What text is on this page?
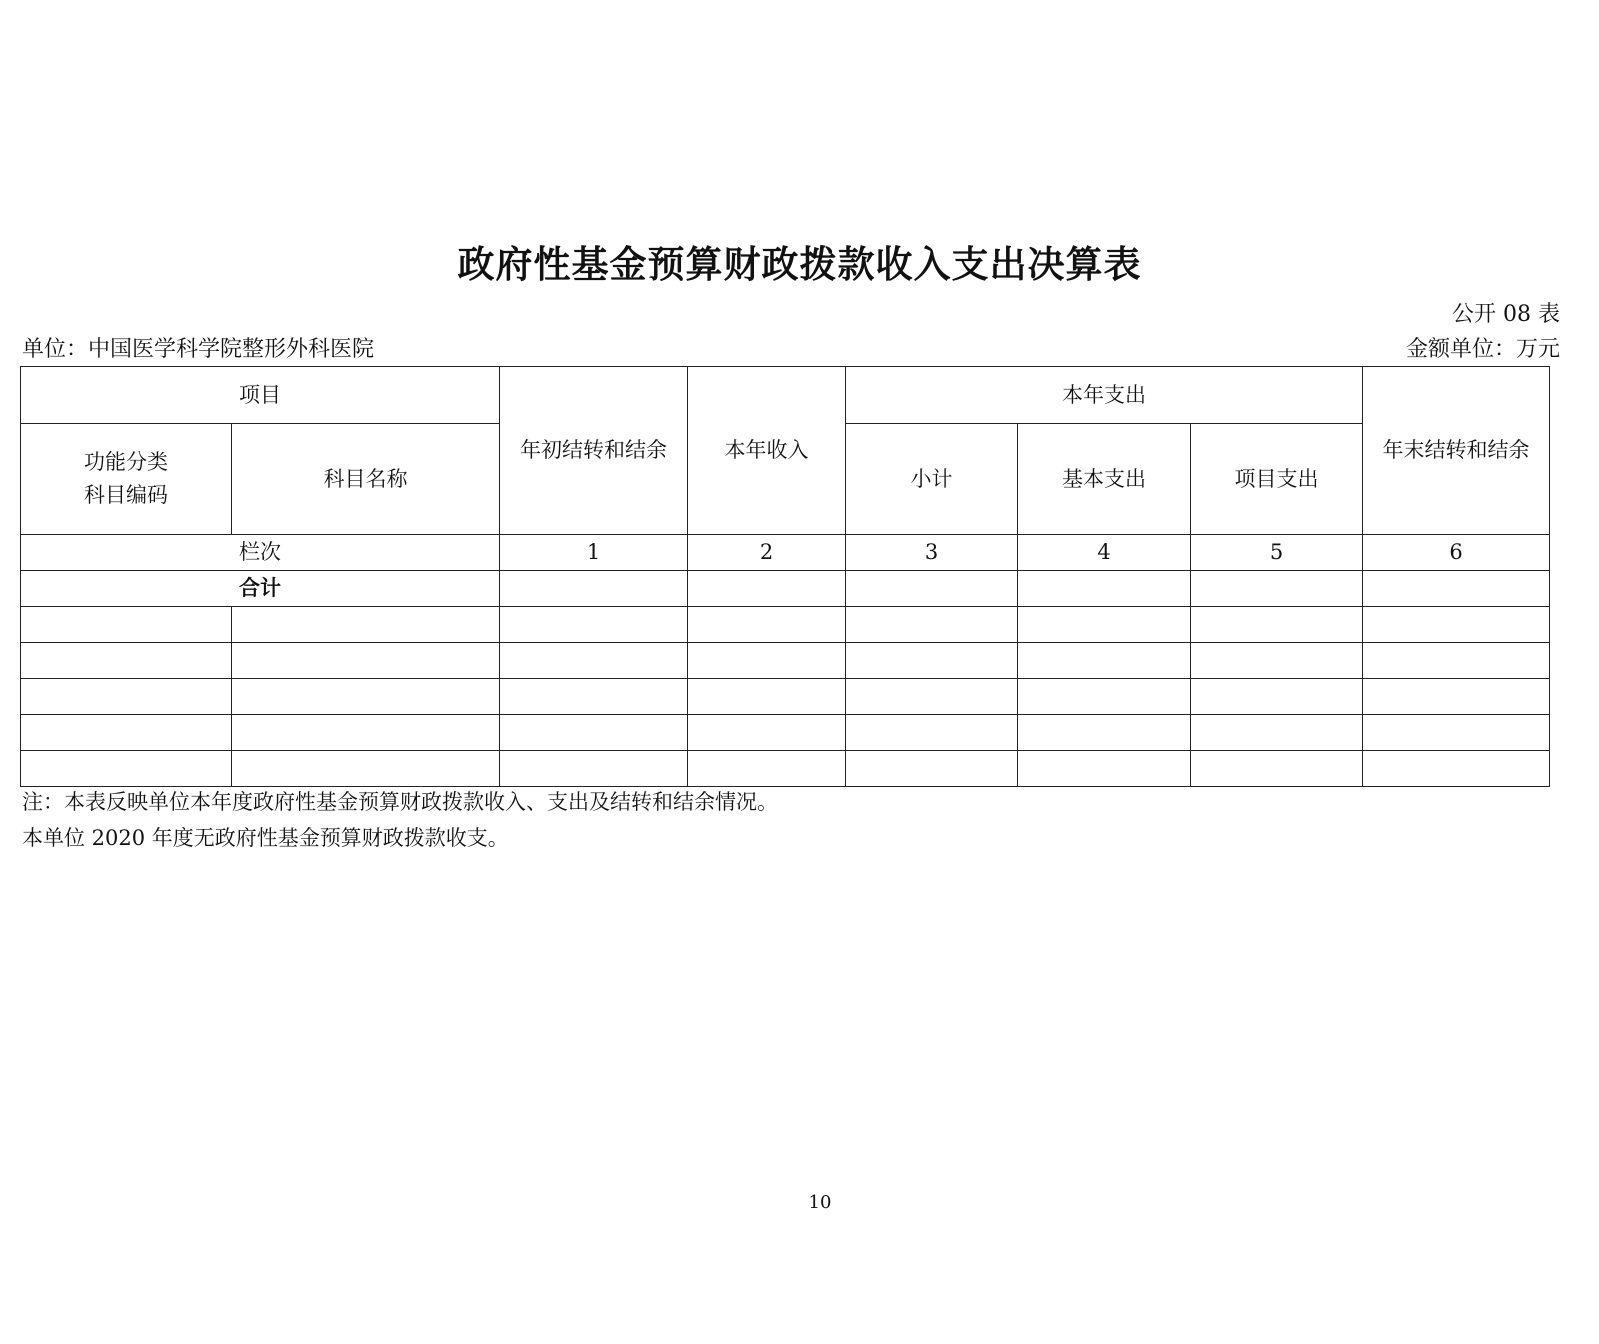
政府性基金预算财政拨款收入支出决算表
公开 08 表
单位：中国医学科学院整形外科医院	金额单位：万元
项目		年初结转和结余	本年收入	本年支出			年末结转和结余

功能分类
科目编码	科目名称			小计	基本支出	项目支出	
栏次		1	2	3	4	5	6
合计							

注：本表反映单位本年度政府性基金预算财政拨款收入、支出及结转和结余情况。
本单位 2020 年度无政府性基金预算财政拨款收支。
10
